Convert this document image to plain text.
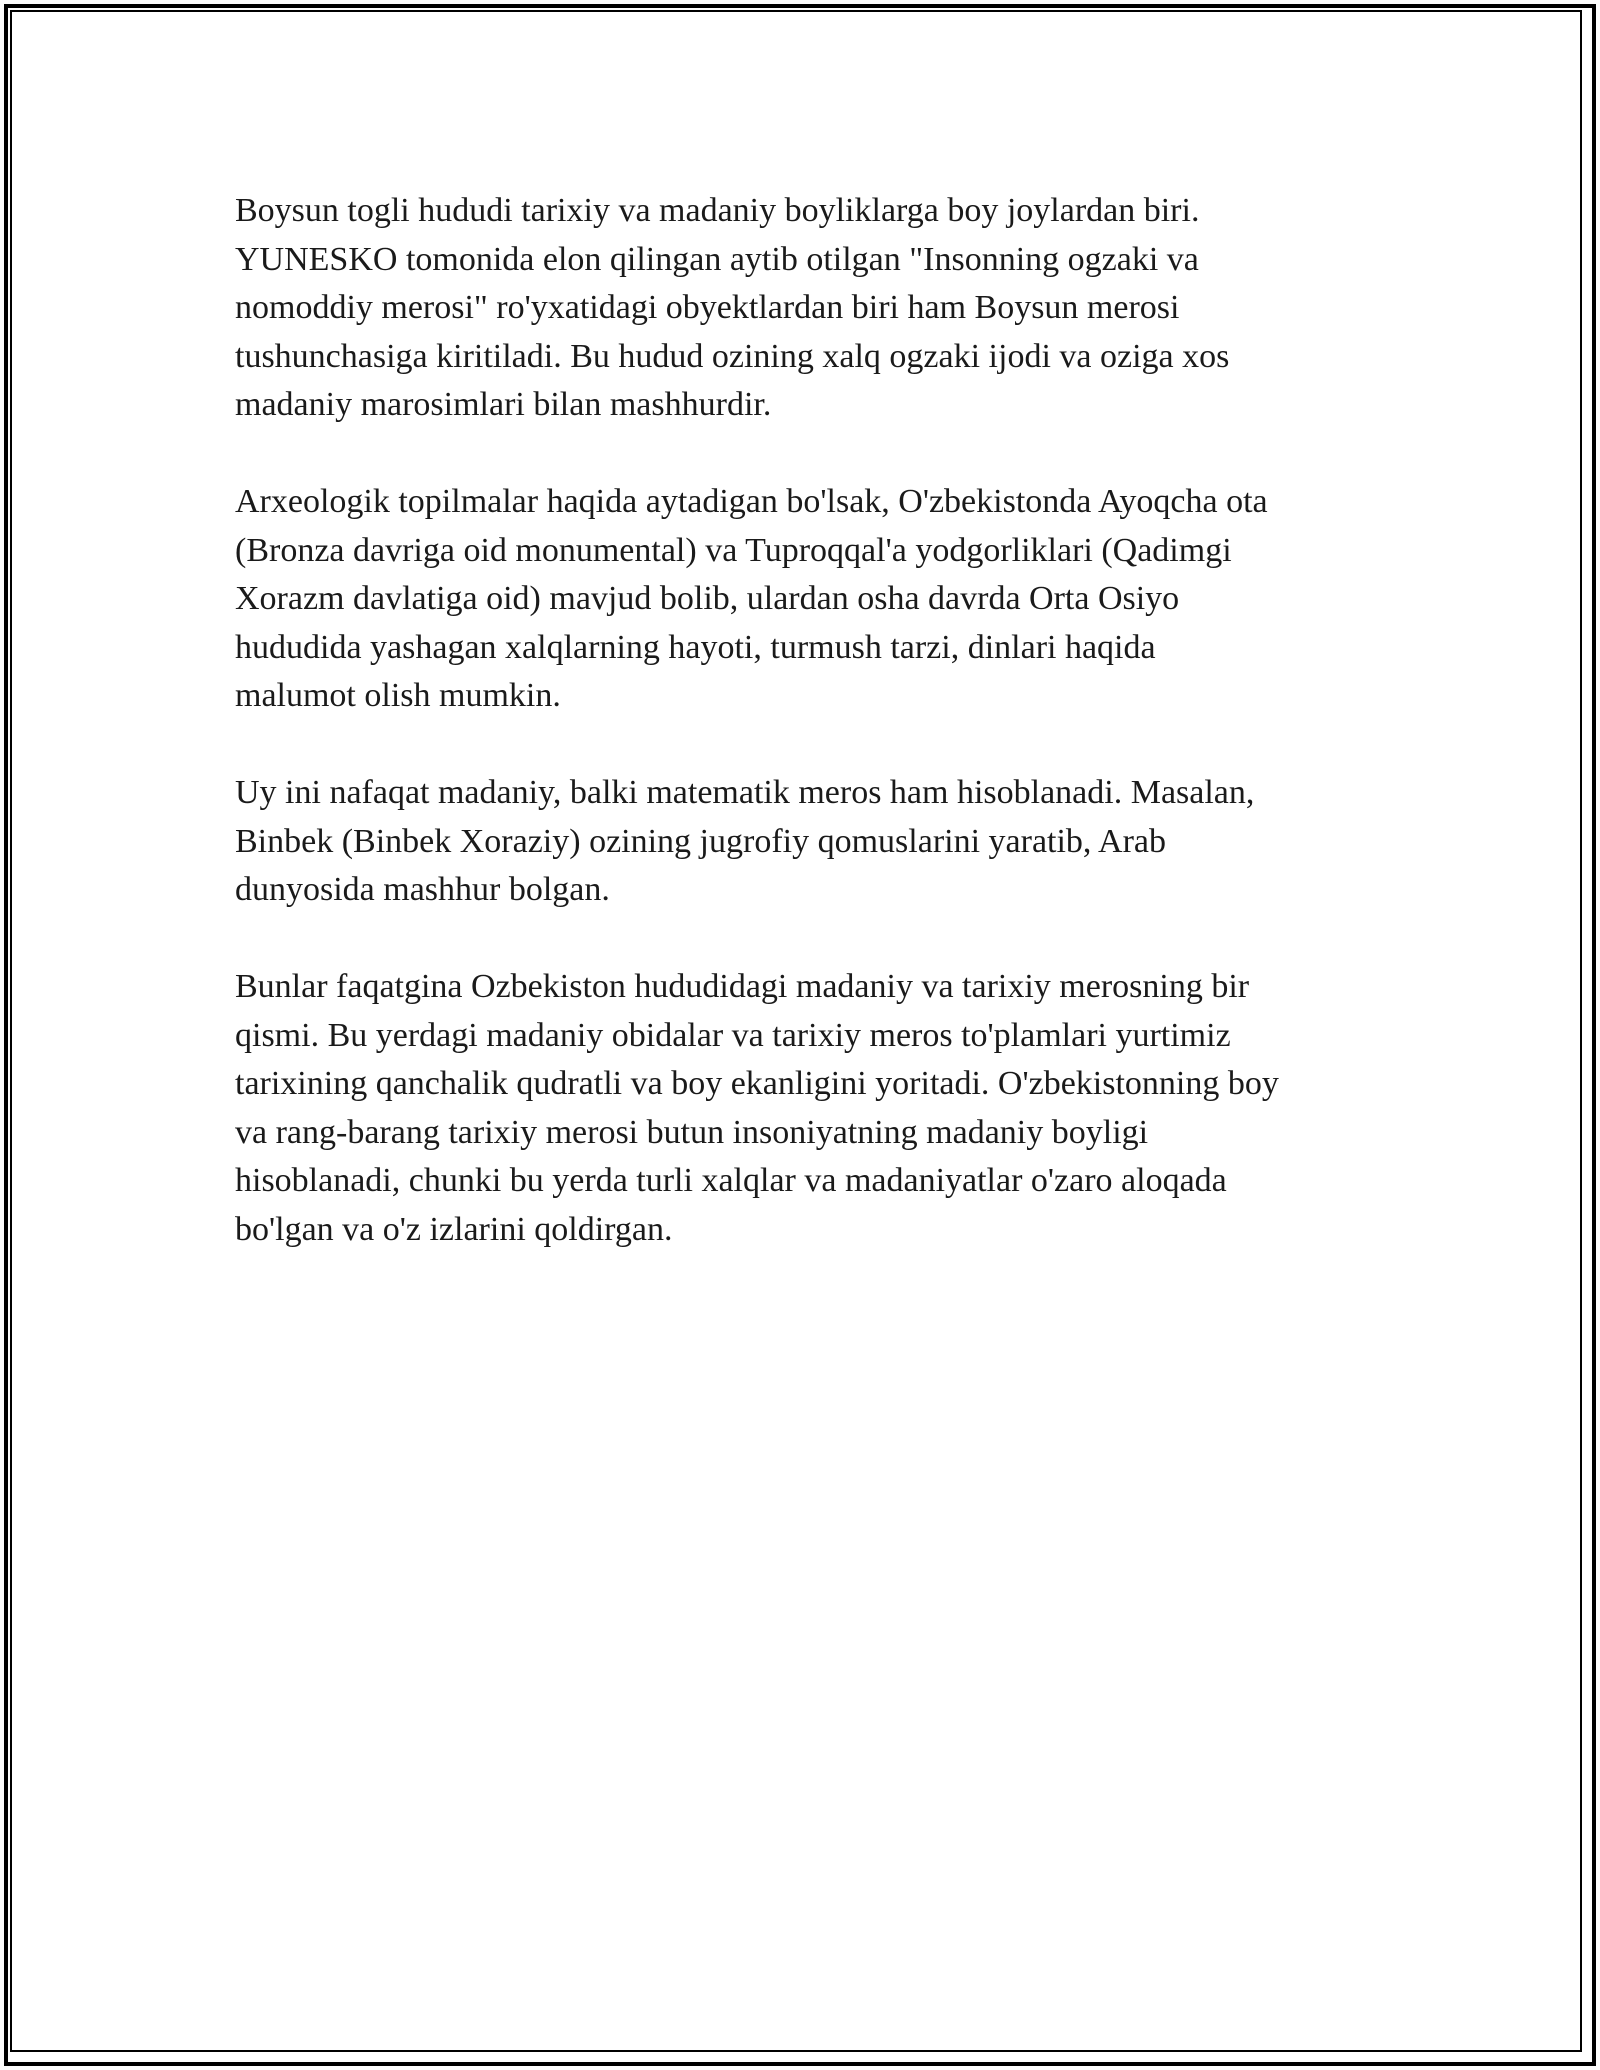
Boysun togli hududi tarixiy va madaniy boyliklarga boy joylardan biri.
YUNESKO tomonida elon qilingan aytib otilgan "Insonning ogzaki va
nomoddiy merosi" ro'yxatidagi obyektlardan biri ham Boysun merosi
tushunchasiga kiritiladi. Bu hudud ozining xalq ogzaki ijodi va oziga xos
madaniy marosimlari bilan mashhurdir.

Arxeologik topilmalar haqida aytadigan bo'lsak, O'zbekistonda Ayoqcha ota
(Bronza davriga oid monumental) va Tuproqqal'a yodgorliklari (Qadimgi
Xorazm davlatiga oid) mavjud bolib, ulardan osha davrda Orta Osiyo
hududida yashagan xalqlarning hayoti, turmush tarzi, dinlari haqida
malumot olish mumkin.

Uy ini nafaqat madaniy, balki matematik meros ham hisoblanadi. Masalan,
Binbek (Binbek Xoraziy) ozining jugrofiy qomuslarini yaratib, Arab
dunyosida mashhur bolgan.

Bunlar faqatgina Ozbekiston hududidagi madaniy va tarixiy merosning bir
qismi. Bu yerdagi madaniy obidalar va tarixiy meros to'plamlari yurtimiz
tarixining qanchalik qudratli va boy ekanligini yoritadi. O'zbekistonning boy
va rang-barang tarixiy merosi butun insoniyatning madaniy boyligi
hisoblanadi, chunki bu yerda turli xalqlar va madaniyatlar o'zaro aloqada
bo'lgan va o'z izlarini qoldirgan.
